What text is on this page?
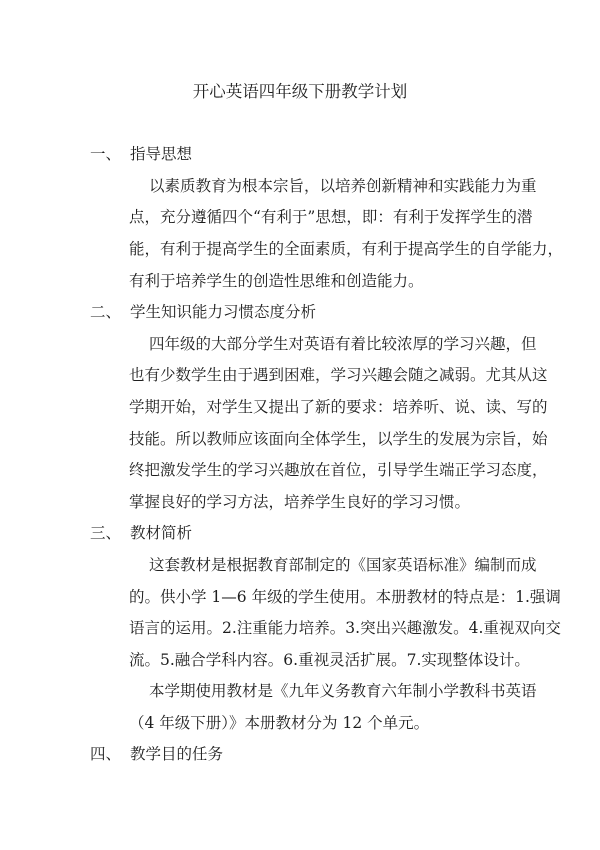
开心英语四年级下册教学计划
一、 指导思想
以素质教育为根本宗旨，以培养创新精神和实践能力为重
点，充分遵循四个“有利于”思想，即：有利于发挥学生的潜
能，有利于提高学生的全面素质，有利于提高学生的自学能力，
有利于培养学生的创造性思维和创造能力。
二、 学生知识能力习惯态度分析
四年级的大部分学生对英语有着比较浓厚的学习兴趣，但
也有少数学生由于遇到困难，学习兴趣会随之减弱。尤其从这
学期开始，对学生又提出了新的要求：培养听、说、读、写的
技能。所以教师应该面向全体学生，以学生的发展为宗旨，始
终把激发学生的学习兴趣放在首位，引导学生端正学习态度，
掌握良好的学习方法，培养学生良好的学习习惯。
三、 教材简析
这套教材是根据教育部制定的《国家英语标准》编制而成
的。供小学 1—6 年级的学生使用。本册教材的特点是：1.强调
语言的运用。2.注重能力培养。3.突出兴趣激发。4.重视双向交
流。5.融合学科内容。6.重视灵活扩展。7.实现整体设计。
本学期使用教材是《九年义务教育六年制小学教科书英语
（4 年级下册）》本册教材分为 12 个单元。
四、 教学目的任务
